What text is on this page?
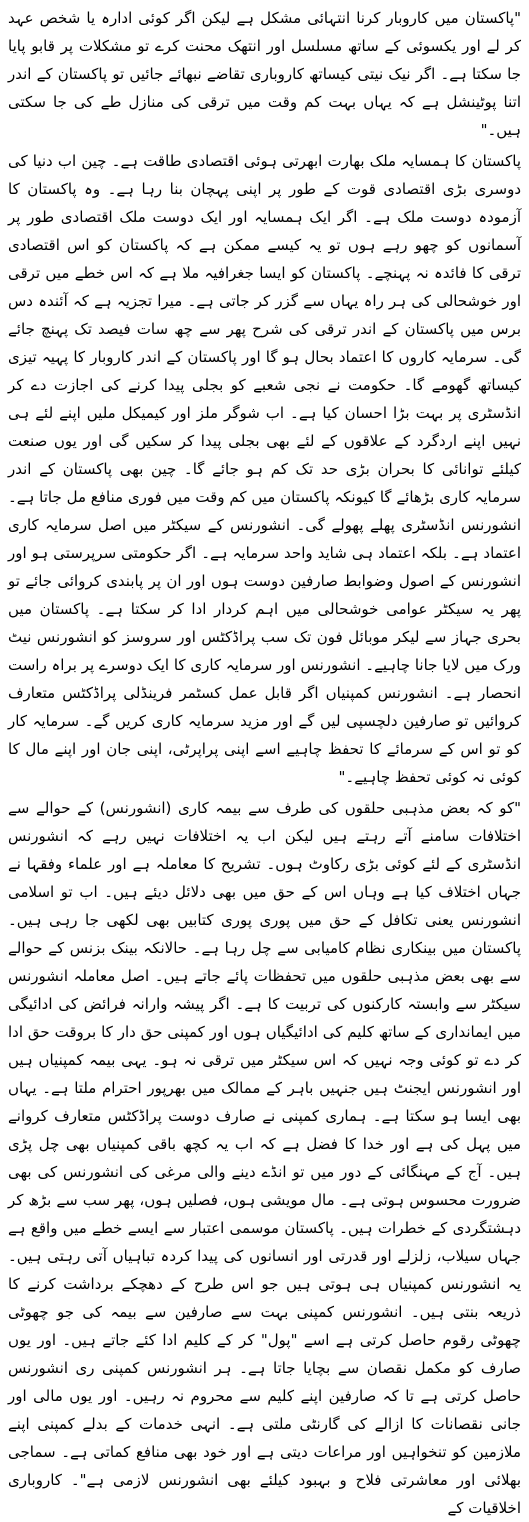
"پاکستان میں کاروبار کرنا انتہائی مشکل ہے لیکن اگر کوئی ادارہ یا شخص عہد کر لے اور یکسوئی کے ساتھ مسلسل اور انتھک محنت کرے تو مشکلات پر قابو پایا جا سکتا ہے۔ اگر نیک نیتی کیساتھ کاروباری تقاضے نبھائے جائیں تو پاکستان کے اندر اتنا پوٹینشل ہے کہ یہاں بہت کم وقت میں ترقی کی منازل طے کی جا سکتی ہیں۔"

پاکستان کا ہمسایہ ملک بھارت ابھرتی ہوئی اقتصادی طاقت ہے۔ چین اب دنیا کی دوسری بڑی اقتصادی قوت کے طور پر اپنی پہچان بنا رہا ہے۔ وہ پاکستان کا آزمودہ دوست ملک ہے۔ اگر ایک ہمسایہ اور ایک دوست ملک اقتصادی طور پر آسمانوں کو چھو رہے ہوں تو یہ کیسے ممکن ہے کہ پاکستان کو اس اقتصادی ترقی کا فائدہ نہ پہنچے۔ پاکستان کو ایسا جغرافیہ ملا ہے کہ اس خطے میں ترقی اور خوشحالی کی ہر راہ یہاں سے گزر کر جاتی ہے۔ میرا تجزیہ ہے کہ آئندہ دس برس میں پاکستان کے اندر ترقی کی شرح پھر سے چھ سات فیصد تک پہنچ جائے گی۔ سرمایہ کاروں کا اعتماد بحال ہو گا اور پاکستان کے اندر کاروبار کا پہیہ تیزی کیساتھ گھومے گا۔ حکومت نے نجی شعبے کو بجلی پیدا کرنے کی اجازت دے کر انڈسٹری پر بہت بڑا احسان کیا ہے۔ اب شوگر ملز اور کیمیکل ملیں اپنے لئے ہی نہیں اپنے اردگرد کے علاقوں کے لئے بھی بجلی پیدا کر سکیں گی اور یوں صنعت کیلئے توانائی کا بحران بڑی حد تک کم ہو جائے گا۔ چین بھی پاکستان کے اندر سرمایہ کاری بڑھائے گا کیونکہ پاکستان میں کم وقت میں فوری منافع مل جاتا ہے۔ انشورنس انڈسٹری پھلے پھولے گی۔ انشورنس کے سیکٹر میں اصل سرمایہ کاری اعتماد ہے۔ بلکہ اعتماد ہی شاید واحد سرمایہ ہے۔ اگر حکومتی سرپرستی ہو اور انشورنس کے اصول وضوابط صارفین دوست ہوں اور ان پر پابندی کروائی جائے تو پھر یہ سیکٹر عوامی خوشحالی میں اہم کردار ادا کر سکتا ہے۔ پاکستان میں بحری جہاز سے لیکر موبائل فون تک سب پراڈکٹس اور سروسز کو انشورنس نیٹ ورک میں لایا جانا چاہیے۔ انشورنس اور سرمایہ کاری کا ایک دوسرے پر براہ راست انحصار ہے۔ انشورنس کمپنیاں اگر قابل عمل کسٹمر فرینڈلی پراڈکٹس متعارف کروائیں تو صارفین دلچسپی لیں گے اور مزید سرمایہ کاری کریں گے۔ سرمایہ کار کو تو اس کے سرمائے کا تحفظ چاہیے اسے اپنی پراپرٹی، اپنی جان اور اپنے مال کا کوئی نہ کوئی تحفظ چاہیے۔"

"کو کہ بعض مذہبی حلقوں کی طرف سے بیمہ کاری (انشورنس) کے حوالے سے اختلافات سامنے آتے رہتے ہیں لیکن اب یہ اختلافات نہیں رہے کہ انشورنس انڈسٹری کے لئے کوئی بڑی رکاوٹ ہوں۔ تشریح کا معاملہ ہے اور علماء وفقہا نے جہاں اختلاف کیا ہے وہاں اس کے حق میں بھی دلائل دیئے ہیں۔ اب تو اسلامی انشورنس یعنی تکافل کے حق میں پوری پوری کتابیں بھی لکھی جا رہی ہیں۔ پاکستان میں بینکاری نظام کامیابی سے چل رہا ہے۔ حالانکہ بینک بزنس کے حوالے سے بھی بعض مذہبی حلقوں میں تحفظات پائے جاتے ہیں۔ اصل معاملہ انشورنس سیکٹر سے وابستہ کارکنوں کی تربیت کا ہے۔ اگر پیشہ وارانہ فرائض کی ادائیگی میں ایمانداری کے ساتھ کلیم کی ادائیگیاں ہوں اور کمپنی حق دار کا بروقت حق ادا کر دے تو کوئی وجہ نہیں کہ اس سیکٹر میں ترقی نہ ہو۔ یہی بیمہ کمپنیاں ہیں اور انشورنس ایجنٹ ہیں جنہیں باہر کے ممالک میں بھرپور احترام ملتا ہے۔ یہاں بھی ایسا ہو سکتا ہے۔ ہماری کمپنی نے صارف دوست پراڈکٹس متعارف کروانے میں پہل کی ہے اور خدا کا فضل ہے کہ اب یہ کچھ باقی کمپنیاں بھی چل پڑی ہیں۔ آج کے مہنگائی کے دور میں تو انڈے دینے والی مرغی کی انشورنس کی بھی ضرورت محسوس ہوتی ہے۔ مال مویشی ہوں، فصلیں ہوں، پھر سب سے بڑھ کر دہشتگردی کے خطرات ہیں۔ پاکستان موسمی اعتبار سے ایسے خطے میں واقع ہے جہاں سیلاب، زلزلے اور قدرتی اور انسانوں کی پیدا کردہ تباہیاں آتی رہتی ہیں۔ یہ انشورنس کمپنیاں ہی ہوتی ہیں جو اس طرح کے دھچکے برداشت کرنے کا ذریعہ بنتی ہیں۔ انشورنس کمپنی بہت سے صارفین سے بیمہ کی جو چھوٹی چھوٹی رقوم حاصل کرتی ہے اسے "پول" کر کے کلیم ادا کئے جاتے ہیں۔ اور یوں صارف کو مکمل نقصان سے بچایا جاتا ہے۔ ہر انشورنس کمپنی ری انشورنس حاصل کرتی ہے تا کہ صارفین اپنے کلیم سے محروم نہ رہیں۔ اور یوں مالی اور جانی نقصانات کا ازالے کی گارنٹی ملتی ہے۔ انہی خدمات کے بدلے کمپنی اپنے ملازمین کو تنخواہیں اور مراعات دیتی ہے اور خود بھی منافع کماتی ہے۔ سماجی بھلائی اور معاشرتی فلاح و بہبود کیلئے بھی انشورنس لازمی ہے"۔ کاروباری اخلاقیات کے
